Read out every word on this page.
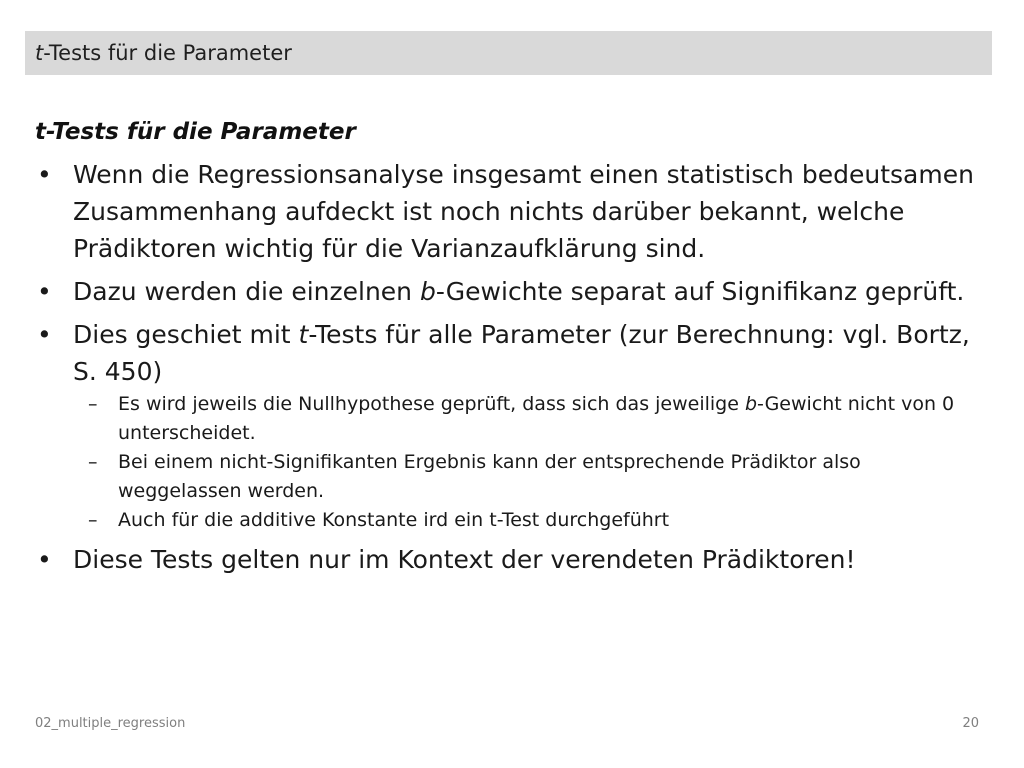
t-Tests für die Parameter
t-Tests für die Parameter
• Wenn die Regressionsanalyse insgesamt einen statistisch bedeutsamen Zusammenhang aufdeckt ist noch nichts darüber bekannt, welche Prädiktoren wichtig für die Varianzaufklärung sind.
• Dazu werden die einzelnen b-Gewichte separat auf Signifikanz geprüft.
• Dies geschiet mit t-Tests für alle Parameter (zur Berechnung: vgl. Bortz, S. 450)
– Es wird jeweils die Nullhypothese geprüft, dass sich das jeweilige b-Gewicht nicht von 0 unterscheidet.
– Bei einem nicht-Signifikanten Ergebnis kann der entsprechende Prädiktor also weggelassen werden.
– Auch für die additive Konstante ird ein t-Test durchgeführt
• Diese Tests gelten nur im Kontext der verendeten Prädiktoren!
02_multiple_regression	20
